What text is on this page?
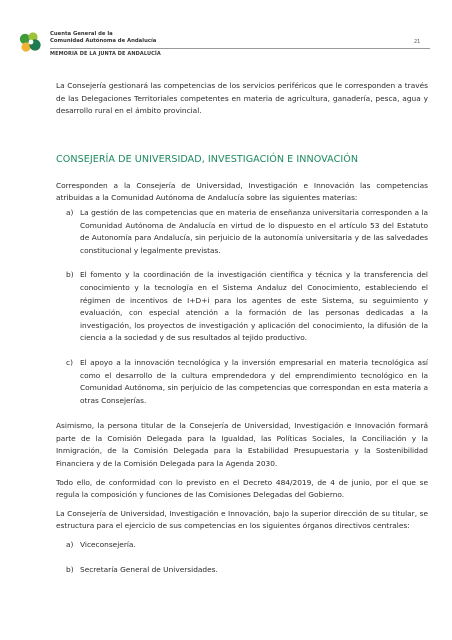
Cuenta General de la
Comunidad Autónoma de Andalucía
MEMORIA DE LA JUNTA DE ANDALUCÍA
21

La Consejería gestionará las competencias de los servicios periféricos que le corresponden a través de las Delegaciones Territoriales competentes en materia de agricultura, ganadería, pesca, agua y desarrollo rural en el ámbito provincial.

CONSEJERÍA DE UNIVERSIDAD, INVESTIGACIÓN E INNOVACIÓN

Corresponden a la Consejería de Universidad, Investigación e Innovación las competencias atribuidas a la Comunidad Autónoma de Andalucía sobre las siguientes materias:

a) La gestión de las competencias que en materia de enseñanza universitaria corresponden a la Comunidad Autónoma de Andalucía en virtud de lo dispuesto en el artículo 53 del Estatuto de Autonomía para Andalucía, sin perjuicio de la autonomía universitaria y de las salvedades constitucional y legalmente previstas.
b) El fomento y la coordinación de la investigación científica y técnica y la transferencia del conocimiento y la tecnología en el Sistema Andaluz del Conocimiento, estableciendo el régimen de incentivos de I+D+i para los agentes de este Sistema, su seguimiento y evaluación, con especial atención a la formación de las personas dedicadas a la investigación, los proyectos de investigación y aplicación del conocimiento, la difusión de la ciencia a la sociedad y de sus resultados al tejido productivo.
c) El apoyo a la innovación tecnológica y la inversión empresarial en materia tecnológica así como el desarrollo de la cultura emprendedora y del emprendimiento tecnológico en la Comunidad Autónoma, sin perjuicio de las competencias que correspondan en esta materia a otras Consejerías.

Asimismo, la persona titular de la Consejería de Universidad, Investigación e Innovación formará parte de la Comisión Delegada para la Igualdad, las Políticas Sociales, la Conciliación y la Inmigración, de la Comisión Delegada para la Estabilidad Presupuestaria y la Sostenibilidad Financiera y de la Comisión Delegada para la Agenda 2030.

Todo ello, de conformidad con lo previsto en el Decreto 484/2019, de 4 de junio, por el que se regula la composición y funciones de las Comisiones Delegadas del Gobierno.

La Consejería de Universidad, Investigación e Innovación, bajo la superior dirección de su titular, se estructura para el ejercicio de sus competencias en los siguientes órganos directivos centrales:

a) Viceconsejería.
b) Secretaría General de Universidades.
